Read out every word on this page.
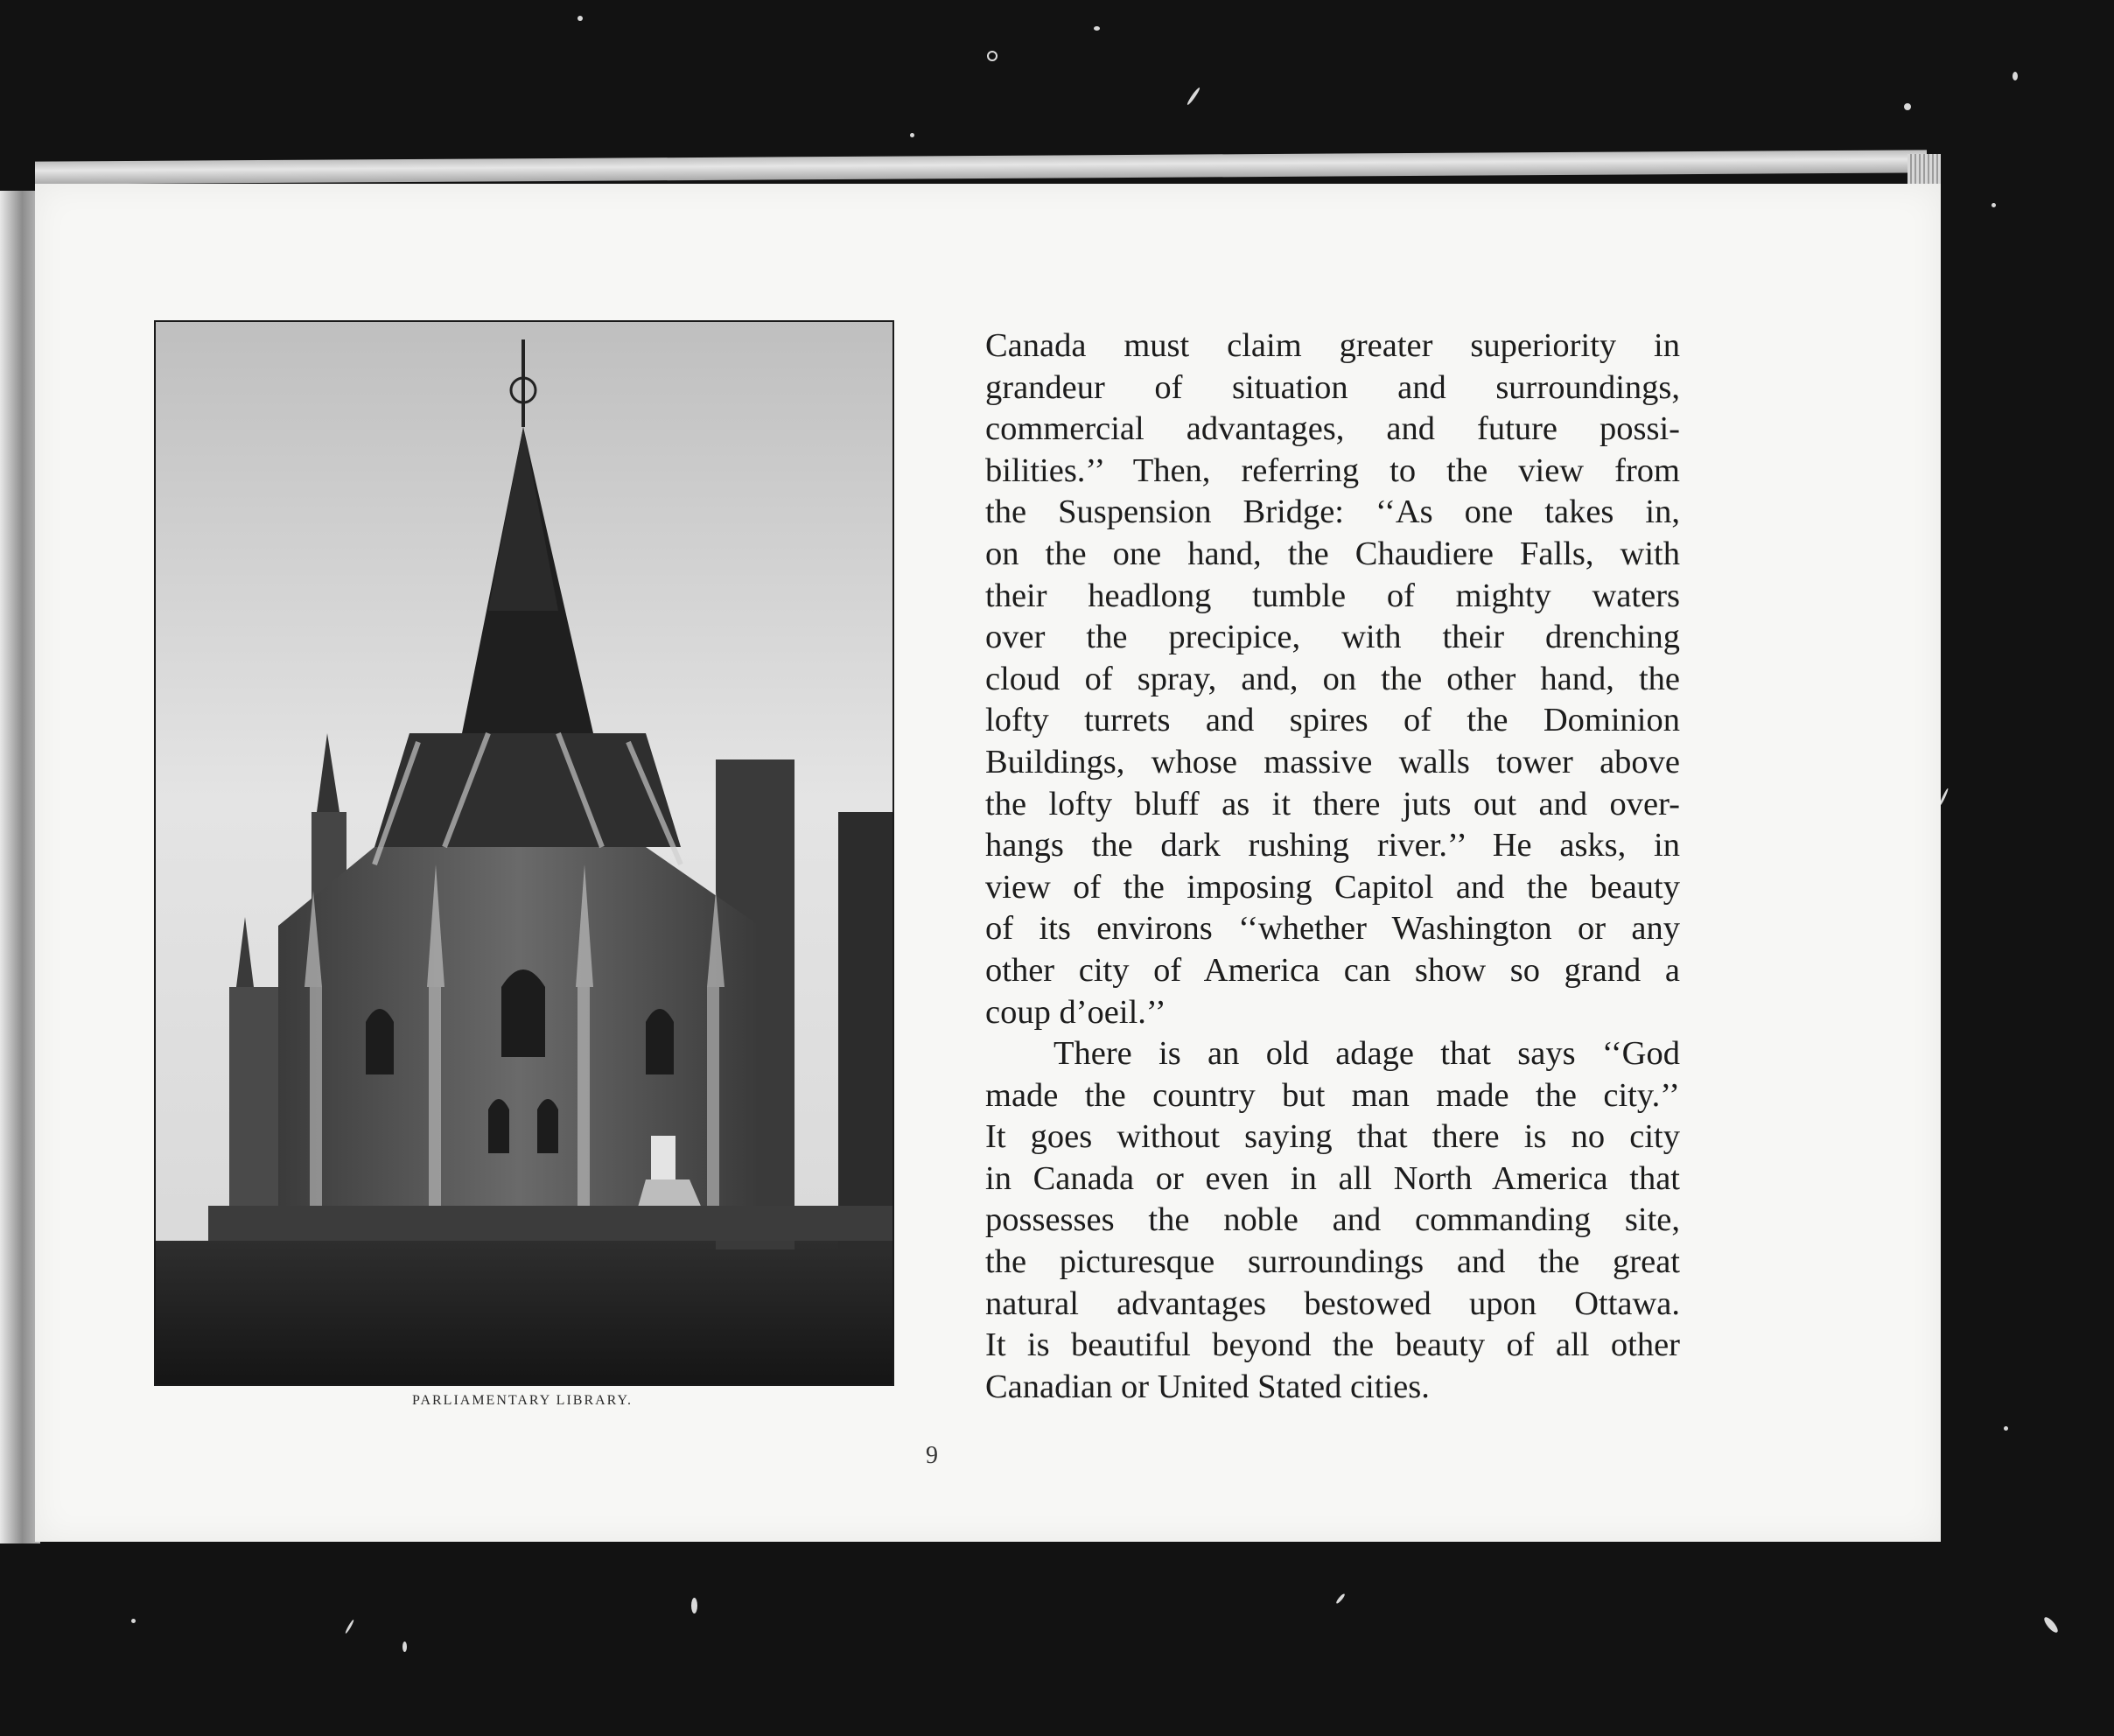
PARLIAMENTARY LIBRARY.
Canada must claim greater superiority in
grandeur of situation and surroundings,
commercial advantages, and future possi-
bilities.’’ Then, referring to the view from
the Suspension Bridge: ‘‘As one takes in,
on the one hand, the Chaudiere Falls, with
their headlong tumble of mighty waters
over the precipice, with their drenching
cloud of spray, and, on the other hand, the
lofty turrets and spires of the Dominion
Buildings, whose massive walls tower above
the lofty bluff as it there juts out and over-
hangs the dark rushing river.’’ He asks, in
view of the imposing Capitol and the beauty
of its environs ‘‘whether Washington or any
other city of America can show so grand a
coup d’oeil.’’
There is an old adage that says ‘‘God
made the country but man made the city.’’
It goes without saying that there is no city
in Canada or even in all North America that
possesses the noble and commanding site,
the picturesque surroundings and the great
natural advantages bestowed upon Ottawa.
It is beautiful beyond the beauty of all other
Canadian or United Stated cities.
9
